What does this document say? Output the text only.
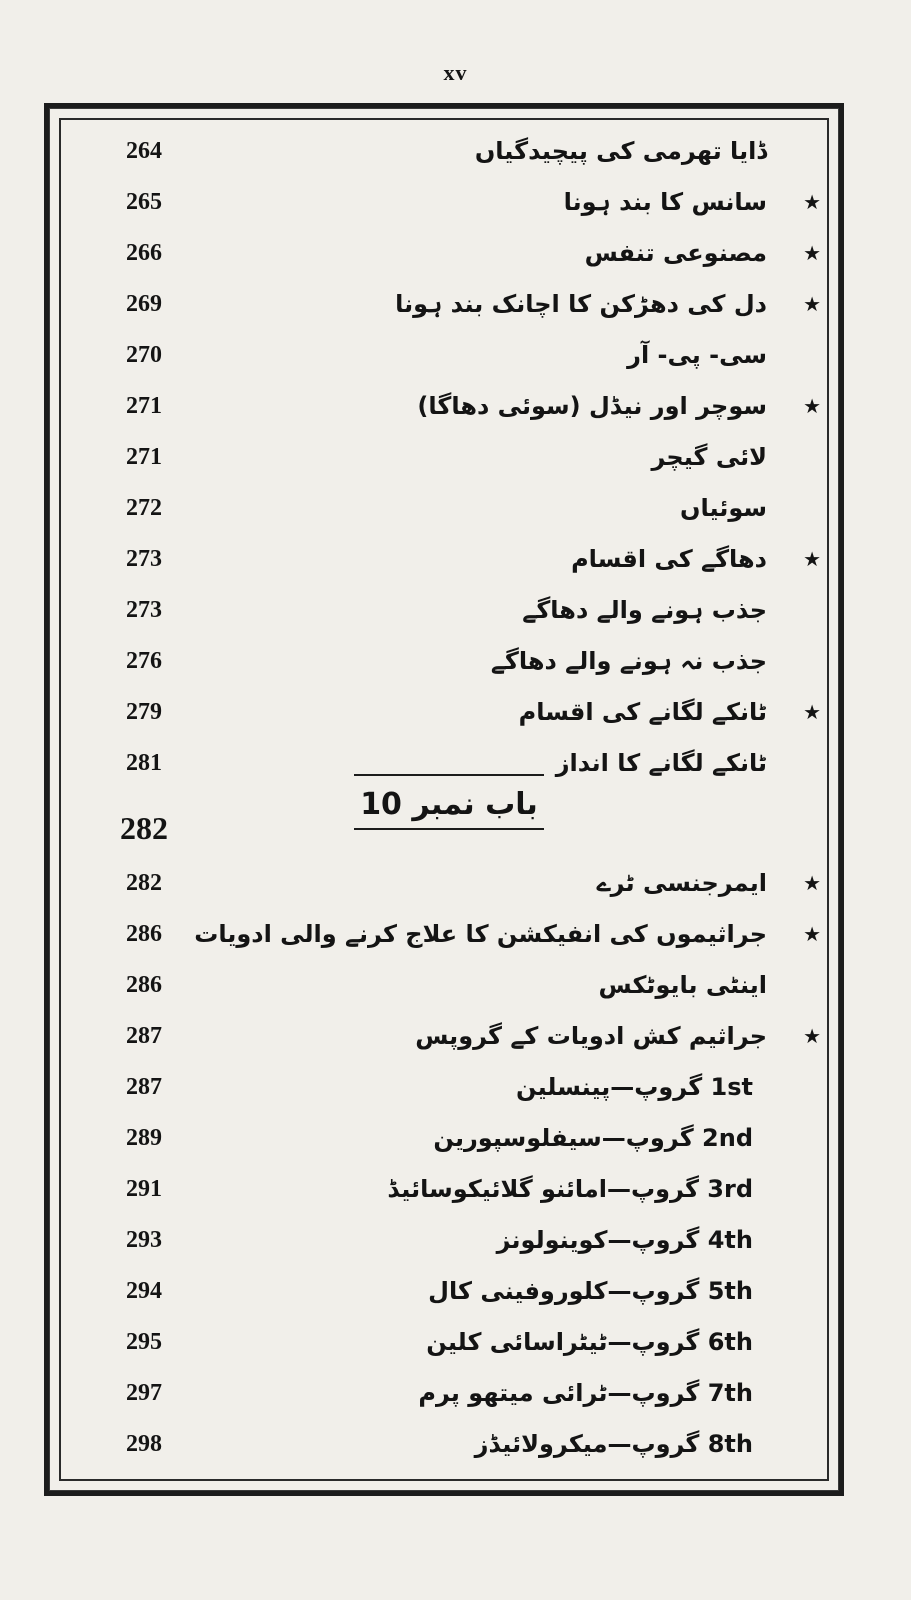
xv
264	ڈایا تھرمی کی پیچیدگیاں
265	سانس کا بند ہونا ★
266	مصنوعی تنفس ★
269	دل کی دھڑکن کا اچانک بند ہونا ★
270	سی- پی- آر
271	سوچر اور نیڈل (سوئی دھاگا) ★
271	لائی گیچر
272	سوئیاں
273	دھاگے کی اقسام ★
273	جذب ہونے والے دھاگے
276	جذب نہ ہونے والے دھاگے
279	ٹانکے لگانے کی اقسام ★
281	ٹانکے لگانے کا انداز
282
باب نمبر 10
282	ایمرجنسی ٹرے ★
286	جراثیموں کی انفیکشن کا علاج کرنے والی ادویات ★
286	اینٹی بایوٹکس
287	جراثیم کش ادویات کے گروپس ★
287	1st گروپ—پینسلین
289	2nd گروپ—سیفلوسپورین
291	3rd گروپ—امائنو گلائیکوسائیڈ
293	4th گروپ—کوینولونز
294	5th گروپ—کلوروفینی کال
295	6th گروپ—ٹیٹراسائی کلین
297	7th گروپ—ٹرائی میتھو پرم
298	8th گروپ—میکرولائیڈز
